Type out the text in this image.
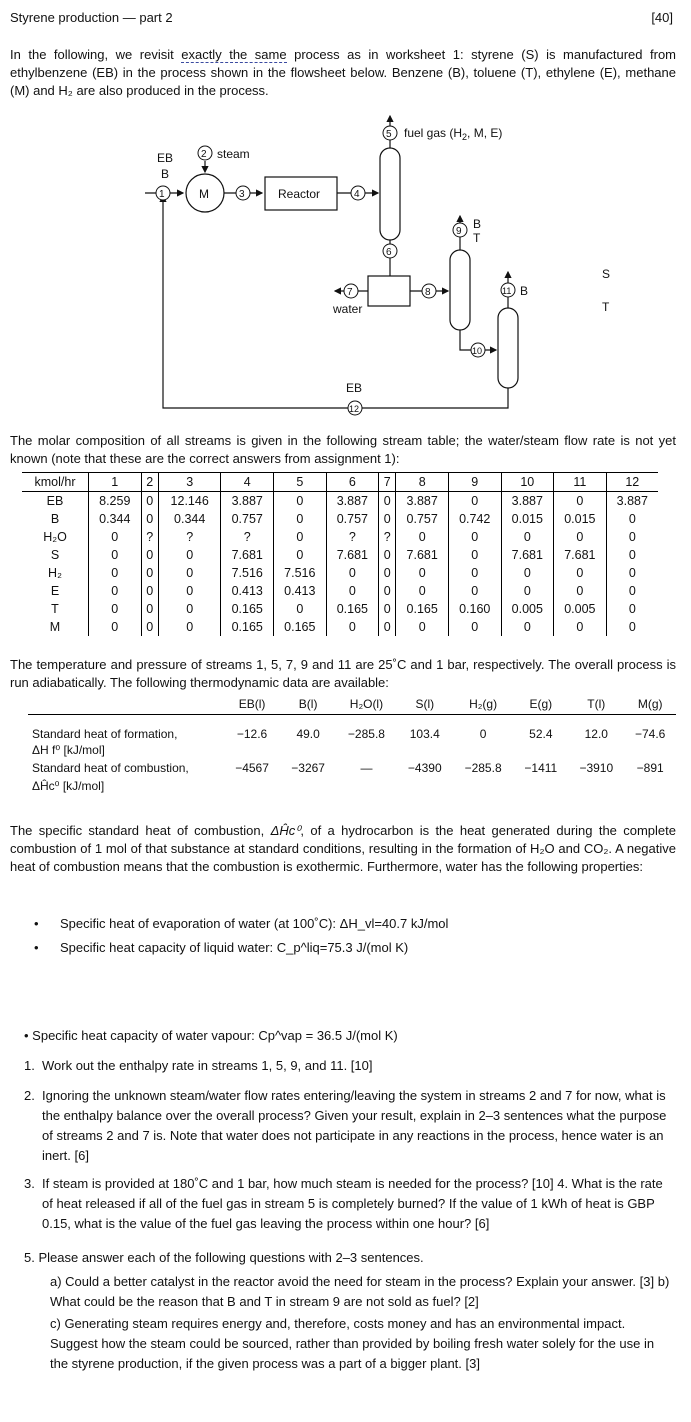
Styrene production — part 2	[40]
In the following, we revisit exactly the same process as in worksheet 1: styrene (S) is manufactured from ethylbenzene (EB) in the process shown in the flowsheet below. Benzene (B), toluene (T), ethylene (E), methane (M) and H₂ are also produced in the process.
1
2
3	4
5
6
7	8
9
10
11
12
EB
B
steam
M	Reactor
fuel gas ($H_2$, M, E)
water
EB
B
T
B
S
T
The molar composition of all streams is given in the following stream table; the water/steam flow rate is not yet known (note that these are the correct answers from assignment 1):
kmol/hr	1	2	3	4	5	6	7	8	9	10	11	12
EB	8.259	0	12.146	3.887	0	3.887	0	3.887	0	3.887	0	3.887
B	0.344	0	0.344	0.757	0	0.757	0	0.757	0.742	0.015	0.015	0
H₂O	0	?	?	?	0	?	?	0	0	0	0	0
S	0	0	0	7.681	0	7.681	0	7.681	0	7.681	7.681	0
H₂	0	0	0	7.516	7.516	0	0	0	0	0	0	0
E	0	0	0	0.413	0.413	0	0	0	0	0	0	0
T	0	0	0	0.165	0	0.165	0	0.165	0.160	0.005	0.005	0
M	0	0	0	0.165	0.165	0	0	0	0	0	0	0
The temperature and pressure of streams 1, 5, 7, 9 and 11 are 25˚C and 1 bar, respectively. The overall process is run adiabatically. The following thermodynamic data are available:
	EB(l)	B(l)	H₂O(l)	S(l)	H₂(g)	E(g)	T(l)	M(g)
Standard heat of formation,	−12.6	49.0	−285.8	103.4	0	52.4	12.0	−74.6
ΔH f⁰ [kJ/mol]								
Standard heat of combustion,	−4567	−3267	—	−4390	−285.8	−1411	−3910	−891
ΔĤc⁰ [kJ/mol]								
The specific standard heat of combustion, ΔĤc⁰, of a hydrocarbon is the heat generated during the complete combustion of 1 mol of that substance at standard conditions, resulting in the formation of H₂O and CO₂. A negative heat of combustion means that the combustion is exothermic. Furthermore, water has the following properties:
• Specific heat of evaporation of water (at 100˚C): ΔH_vl=40.7 kJ/mol
• Specific heat capacity of liquid water: C_p^liq=75.3 J/(mol K)
• Specific heat capacity of water vapour: Cp^vap = 36.5 J/(mol K)
1. Work out the enthalpy rate in streams 1, 5, 9, and 11. [10]
2. Ignoring the unknown steam/water flow rates entering/leaving the system in streams 2 and 7 for now, what is the enthalpy balance over the overall process? Given your result, explain in 2–3 sentences what the purpose of streams 2 and 7 is. Note that water does not participate in any reactions in the process, hence water is an inert. [6]
3. If steam is provided at 180˚C and 1 bar, how much steam is needed for the process? [10] 4. What is the rate of heat released if all of the fuel gas in stream 5 is completely burned? If the value of 1 kWh of heat is GBP 0.15, what is the value of the fuel gas leaving the process within one hour? [6]
5. Please answer each of the following questions with 2–3 sentences.
a) Could a better catalyst in the reactor avoid the need for steam in the process? Explain your answer. [3] b) What could be the reason that B and T in stream 9 are not sold as fuel? [2]
c) Generating steam requires energy and, therefore, costs money and has an environmental impact. Suggest how the steam could be sourced, rather than provided by boiling fresh water solely for the use in the styrene production, if the given process was a part of a bigger plant. [3]
